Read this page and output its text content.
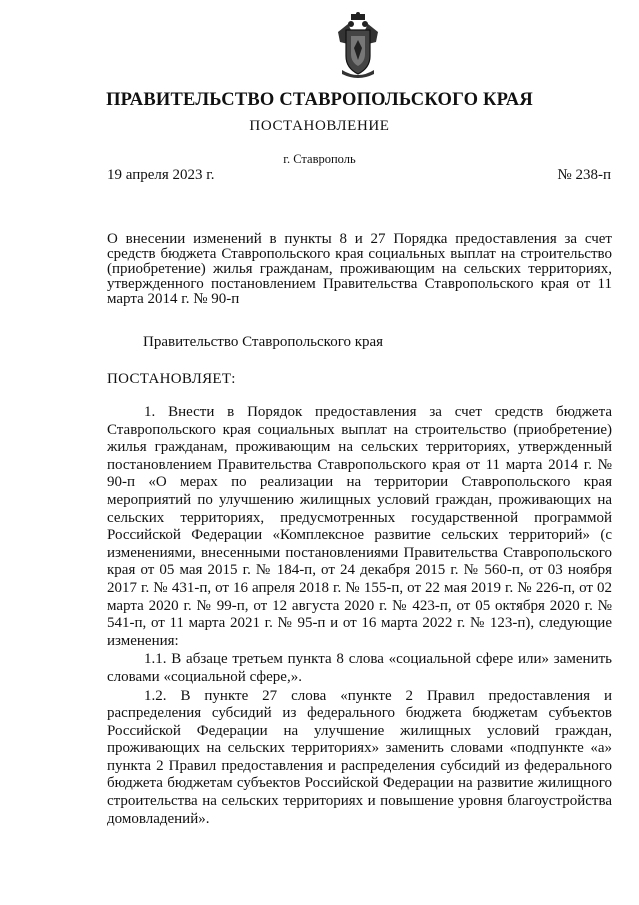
ПРАВИТЕЛЬСТВО СТАВРОПОЛЬСКОГО КРАЯ
ПОСТАНОВЛЕНИЕ
г. Ставрополь
19 апреля 2023 г.	№ 238-п
О внесении изменений в пункты 8 и 27 Порядка предоставления за счет средств бюджета Ставропольского края социальных выплат на строительство (приобретение) жилья гражданам, проживающим на сельских территориях, утвержденного постановлением Правительства Ставропольского края от 11 марта 2014 г. № 90-п
Правительство Ставропольского края
ПОСТАНОВЛЯЕТ:

1. Внести в Порядок предоставления за счет средств бюджета Ставропольского края социальных выплат на строительство (приобретение) жилья гражданам, проживающим на сельских территориях, утвержденный постановлением Правительства Ставропольского края от 11 марта 2014 г. № 90-п «О мерах по реализации на территории Ставропольского края мероприятий по улучшению жилищных условий граждан, проживающих на сельских территориях, предусмотренных государственной программой Российской Федерации «Комплексное развитие сельских территорий» (с изменениями, внесенными постановлениями Правительства Ставропольского края от 05 мая 2015 г. № 184-п, от 24 декабря 2015 г. № 560-п, от 03 ноября 2017 г. № 431-п, от 16 апреля 2018 г. № 155-п, от 22 мая 2019 г. № 226-п, от 02 марта 2020 г. № 99-п, от 12 августа 2020 г. № 423-п, от 05 октября 2020 г. № 541-п, от 11 марта 2021 г. № 95-п и от 16 марта 2022 г. № 123-п), следующие изменения:

1.1. В абзаце третьем пункта 8 слова «социальной сфере или» заменить словами «социальной сфере,».

1.2. В пункте 27 слова «пункте 2 Правил предоставления и распределения субсидий из федерального бюджета бюджетам субъектов Российской Федерации на улучшение жилищных условий граждан, проживающих на сельских территориях» заменить словами «подпункте «а» пункта 2 Правил предоставления и распределения субсидий из федерального бюджета бюджетам субъектов Российской Федерации на развитие жилищного строительства на сельских территориях и повышение уровня благоустройства домовладений».
